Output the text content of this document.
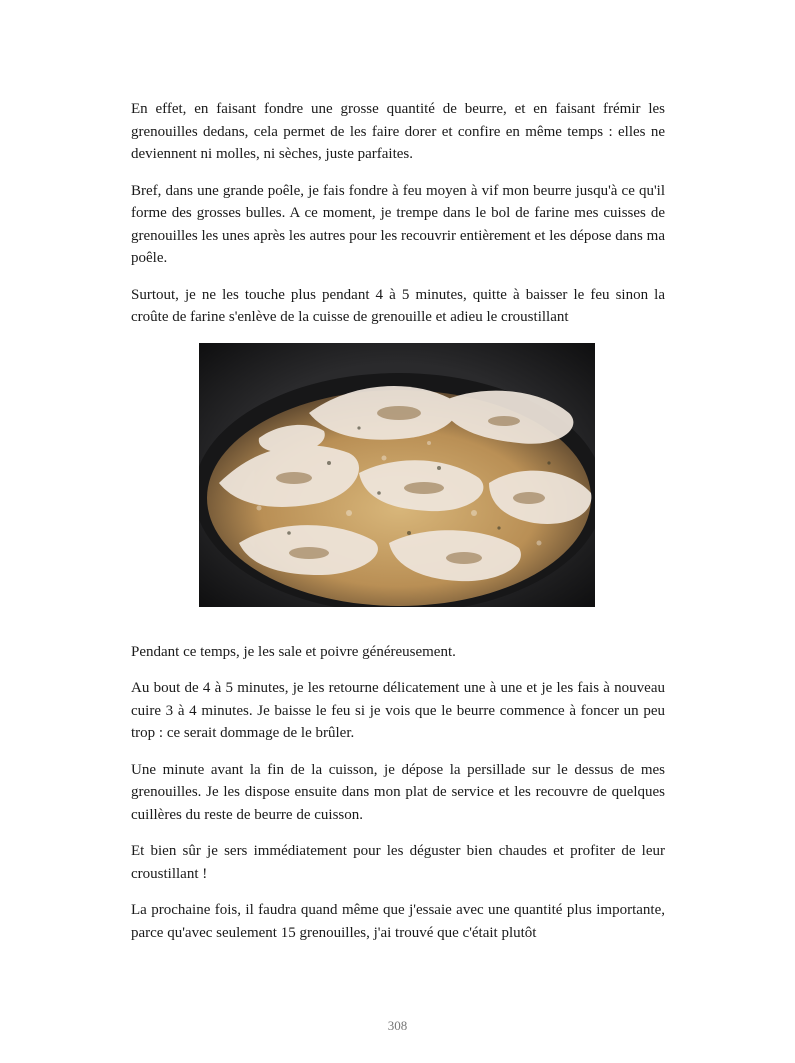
En effet, en faisant fondre une grosse quantité de beurre, et en faisant frémir les grenouilles dedans, cela permet de les faire dorer et confire en même temps : elles ne deviennent ni molles, ni sèches, juste parfaites.

Bref, dans une grande poêle, je fais fondre à feu moyen à vif mon beurre jusqu'à ce qu'il forme des grosses bulles. A ce moment, je trempe dans le bol de farine mes cuisses de grenouilles les unes après les autres pour les recouvrir entièrement et les dépose dans ma poêle.

Surtout, je ne les touche plus pendant 4 à 5 minutes, quitte à baisser le feu sinon la croûte de farine s'enlève de la cuisse de grenouille et adieu le croustillant

Pendant ce temps, je les sale et poivre généreusement.

Au bout de 4 à 5 minutes, je les retourne délicatement une à une et je les fais à nouveau cuire 3 à 4 minutes. Je baisse le feu si je vois que le beurre commence à foncer un peu trop : ce serait dommage de le brûler.

Une minute avant la fin de la cuisson, je dépose la persillade sur le dessus de mes grenouilles. Je les dispose ensuite dans mon plat de service et les recouvre de quelques cuillères du reste de beurre de cuisson.

Et bien sûr je sers immédiatement pour les déguster bien chaudes et profiter de leur croustillant !

La prochaine fois, il faudra quand même que j'essaie avec une quantité plus importante, parce qu'avec seulement 15 grenouilles, j'ai trouvé que c'était plutôt

308
